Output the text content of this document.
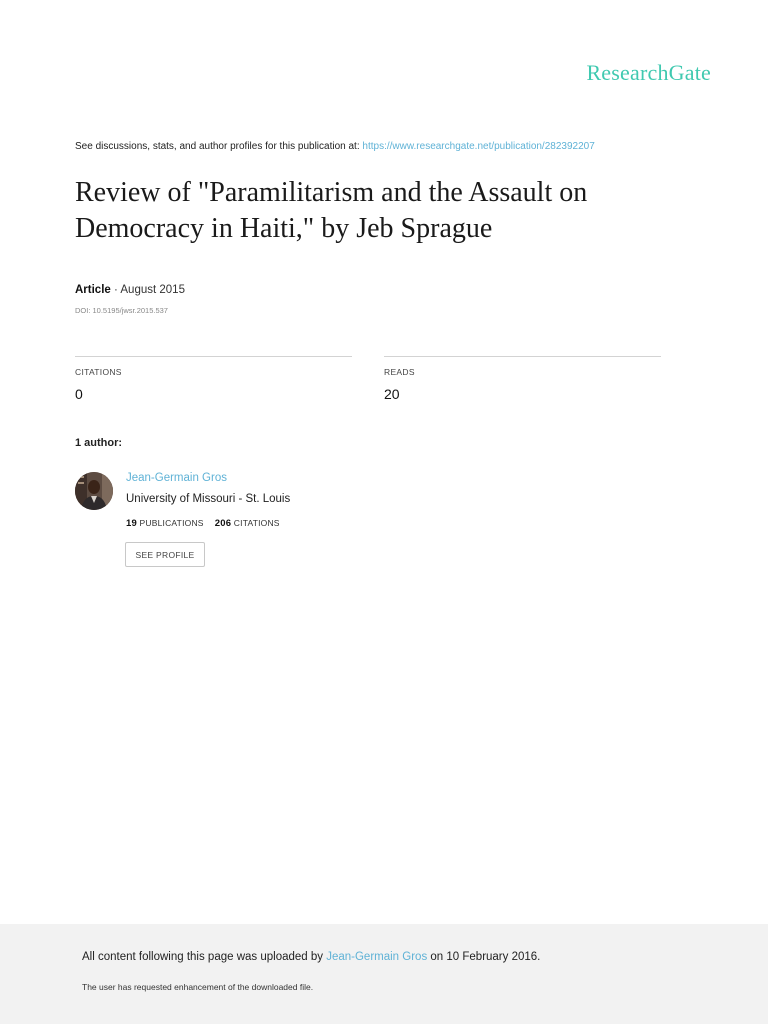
ResearchGate
See discussions, stats, and author profiles for this publication at: https://www.researchgate.net/publication/282392207
Review of "Paramilitarism and the Assault on Democracy in Haiti," by Jeb Sprague
Article · August 2015
DOI: 10.5195/jwsr.2015.537
CITATIONS
0
READS
20
1 author:
Jean-Germain Gros
University of Missouri - St. Louis
19 PUBLICATIONS 206 CITATIONS
SEE PROFILE
All content following this page was uploaded by Jean-Germain Gros on 10 February 2016.
The user has requested enhancement of the downloaded file.
